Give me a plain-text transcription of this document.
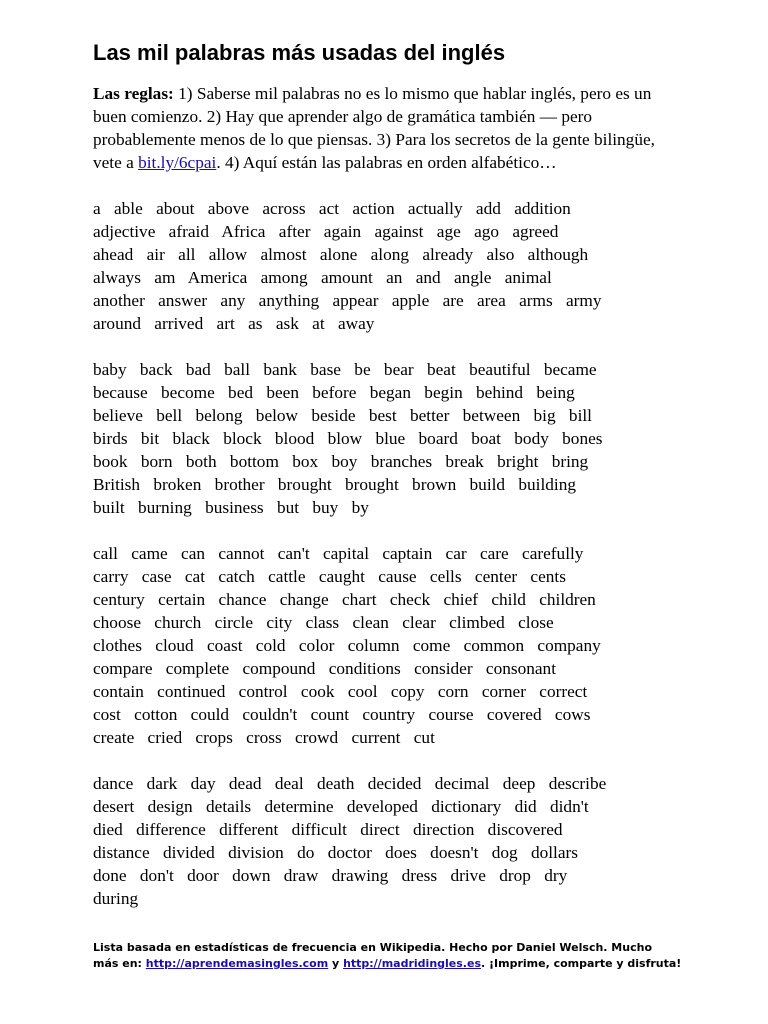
Las mil palabras más usadas del inglés

Las reglas: 1) Saberse mil palabras no es lo mismo que hablar inglés, pero es un buen comienzo. 2) Hay que aprender algo de gramática también — pero probablemente menos de lo que piensas. 3) Para los secretos de la gente bilingüe, vete a bit.ly/6cpai. 4) Aquí están las palabras en orden alfabético…

a able about above across act action actually add addition
adjective afraid Africa after again against age ago agreed
ahead air all allow almost alone along already also although
always am America among amount an and angle animal
another answer any anything appear apple are area arms army
around arrived art as ask at away
baby back bad ball bank base be bear beat beautiful became
because become bed been before began begin behind being
believe bell belong below beside best better between big bill
birds bit black block blood blow blue board boat body bones
book born both bottom box boy branches break bright bring
British broken brother brought brought brown build building
built burning business but buy by
call came can cannot can't capital captain car care carefully
carry case cat catch cattle caught cause cells center cents
century certain chance change chart check chief child children
choose church circle city class clean clear climbed close
clothes cloud coast cold color column come common company
compare complete compound conditions consider consonant
contain continued control cook cool copy corn corner correct
cost cotton could couldn't count country course covered cows
create cried crops cross crowd current cut
dance dark day dead deal death decided decimal deep describe
desert design details determine developed dictionary did didn't
died difference different difficult direct direction discovered
distance divided division do doctor does doesn't dog dollars
done don't door down draw drawing dress drive drop dry
during
Lista basada en estadísticas de frecuencia en Wikipedia. Hecho por Daniel Welsch. Mucho
más en: http://aprendemasingles.com y http://madridingles.es. ¡Imprime, comparte y disfruta!
